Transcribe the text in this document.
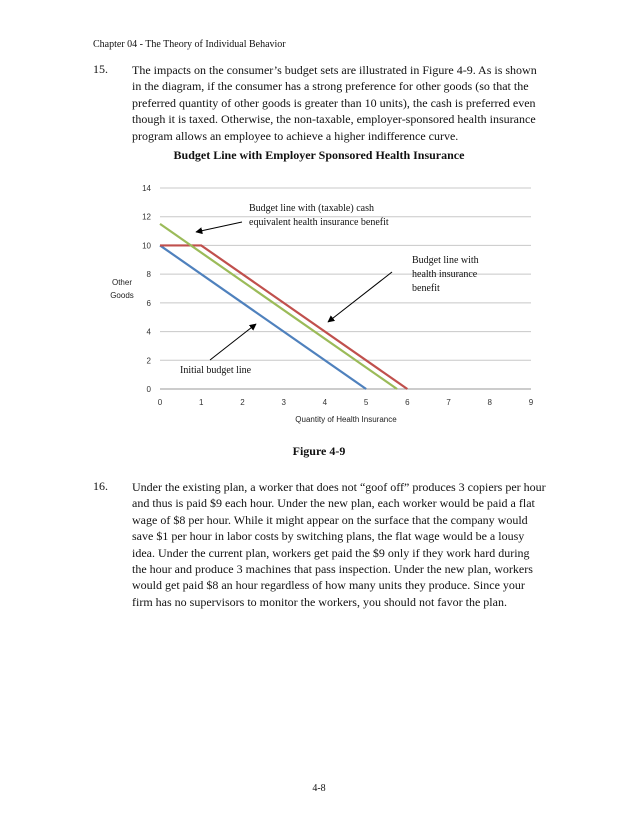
Chapter 04 - The Theory of Individual Behavior
15. The impacts on the consumer’s budget sets are illustrated in Figure 4-9. As is shown
in the diagram, if the consumer has a strong preference for other goods (so that the
preferred quantity of other goods is greater than 10 units), the cash is preferred even
though it is taxed. Otherwise, the non-taxable, employer-sponsored health insurance
program allows an employee to achieve a higher indifference curve.
Budget Line with Employer Sponsored Health Insurance
0
2
4
6
8
10
12
14
0	1	2	3	4	5	6	7	8	9
Other
Goods
Quantity of Health Insurance
Budget line with (taxable) cash
equivalent health insurance benefit
Budget line with
health insurance
benefit
Initial budget line
Figure 4-9
16. Under the existing plan, a worker that does not “goof off” produces 3 copiers per hour
and thus is paid $9 each hour. Under the new plan, each worker would be paid a flat
wage of $8 per hour. While it might appear on the surface that the company would
save $1 per hour in labor costs by switching plans, the flat wage would be a lousy
idea. Under the current plan, workers get paid the $9 only if they work hard during
the hour and produce 3 machines that pass inspection. Under the new plan, workers
would get paid $8 an hour regardless of how many units they produce. Since your
firm has no supervisors to monitor the workers, you should not favor the plan.
4-8
